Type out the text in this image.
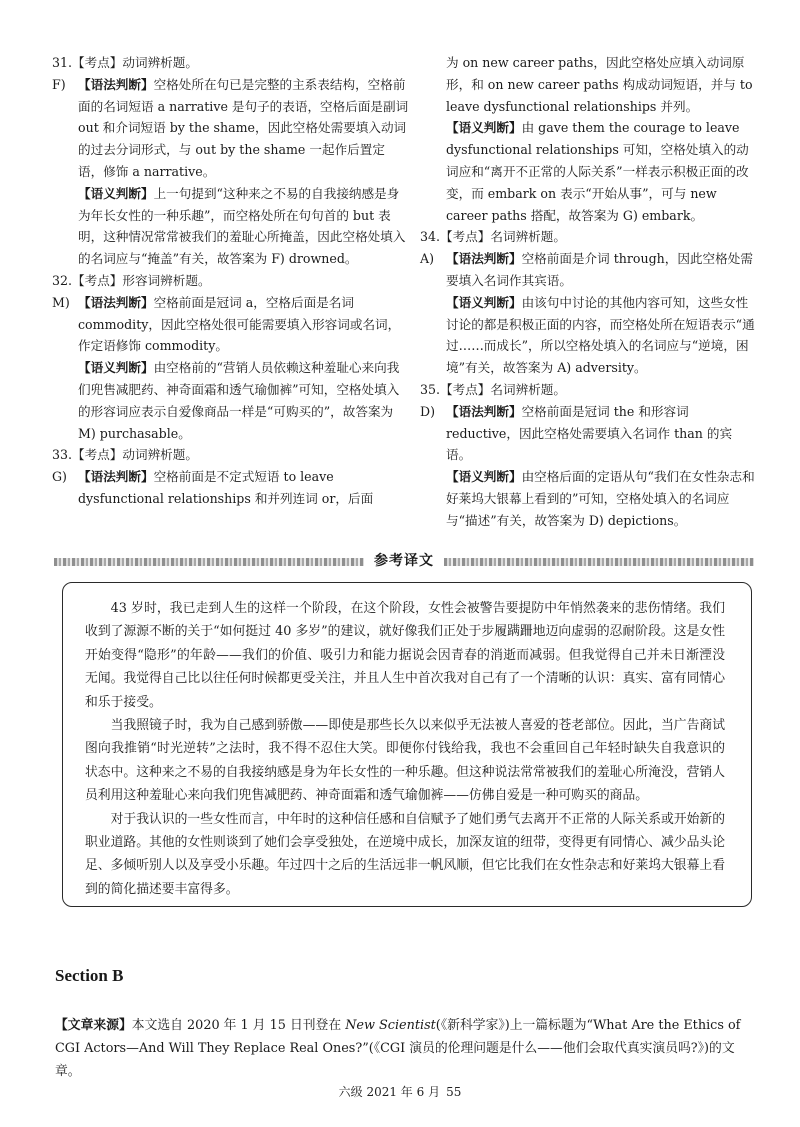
31.【考点】动词辨析题。
F) 【语法判断】空格处所在句已是完整的主系表结构，空格前面的名词短语 a narrative 是句子的表语，空格后面是副词 out 和介词短语 by the shame，因此空格处需要填入动词的过去分词形式，与 out by the shame 一起作后置定语，修饰 a narrative。
【语义判断】上一句提到“这种来之不易的自我接纳感是身为年长女性的一种乐趣”，而空格处所在句句首的 but 表明，这种情况常常被我们的羞耻心所掩盖，因此空格处填入的名词应与“掩盖”有关，故答案为 F) drowned。
32.【考点】形容词辨析题。
M) 【语法判断】空格前面是冠词 a，空格后面是名词 commodity，因此空格处很可能需要填入形容词或名词，作定语修饰 commodity。
【语义判断】由空格前的“营销人员依赖这种羞耻心来向我们兜售减肥药、神奇面霜和透气瑜伽裤”可知，空格处填入的形容词应表示自爱像商品一样是“可购买的”，故答案为 M) purchasable。
33.【考点】动词辨析题。
G) 【语法判断】空格前面是不定式短语 to leave dysfunctional relationships 和并列连词 or，后面
为 on new career paths，因此空格处应填入动词原形，和 on new career paths 构成动词短语，并与 to leave dysfunctional relationships 并列。
【语义判断】由 gave them the courage to leave dysfunctional relationships 可知，空格处填入的动词应和“离开不正常的人际关系”一样表示积极正面的改变，而 embark on 表示“开始从事”，可与 new career paths 搭配，故答案为 G) embark。
34.【考点】名词辨析题。
A) 【语法判断】空格前面是介词 through，因此空格处需要填入名词作其宾语。
【语义判断】由该句中讨论的其他内容可知，这些女性讨论的都是积极正面的内容，而空格处所在短语表示“通过……而成长”，所以空格处填入的名词应与“逆境，困境”有关，故答案为 A) adversity。
35.【考点】名词辨析题。
D) 【语法判断】空格前面是冠词 the 和形容词 reductive，因此空格处需要填入名词作 than 的宾语。
【语义判断】由空格后面的定语从句“我们在女性杂志和好莱坞大银幕上看到的”可知，空格处填入的名词应与“描述”有关，故答案为 D) depictions。
参考译文

43 岁时，我已走到人生的这样一个阶段，在这个阶段，女性会被警告要提防中年悄然袭来的悲伤情绪。我们收到了源源不断的关于“如何挺过 40 多岁”的建议，就好像我们正处于步履蹒跚地迈向虚弱的忍耐阶段。这是女性开始变得“隐形”的年龄——我们的价值、吸引力和能力据说会因青春的消逝而减弱。但我觉得自己并未日渐湮没无闻。我觉得自己比以往任何时候都更受关注，并且人生中首次我对自己有了一个清晰的认识：真实、富有同情心和乐于接受。

当我照镜子时，我为自己感到骄傲——即使是那些长久以来似乎无法被人喜爱的苍老部位。因此，当广告商试图向我推销“时光逆转”之法时，我不得不忍住大笑。即便你付钱给我，我也不会重回自己年轻时缺失自我意识的状态中。这种来之不易的自我接纳感是身为年长女性的一种乐趣。但这种说法常常被我们的羞耻心所淹没，营销人员利用这种羞耻心来向我们兜售减肥药、神奇面霜和透气瑜伽裤——仿佛自爱是一种可购买的商品。

对于我认识的一些女性而言，中年时的这种信任感和自信赋予了她们勇气去离开不正常的人际关系或开始新的职业道路。其他的女性则谈到了她们会享受独处，在逆境中成长，加深友谊的纽带，变得更有同情心、减少品头论足、多倾听别人以及享受小乐趣。年过四十之后的生活远非一帆风顺，但它比我们在女性杂志和好莱坞大银幕上看到的简化描述要丰富得多。

Section B
【文章来源】本文选自 2020 年 1 月 15 日刊登在 New Scientist(《新科学家》)上一篇标题为“What Are the Ethics of CGI Actors—And Will They Replace Real Ones?”(《CGI 演员的伦理问题是什么——他们会取代真实演员吗?》)的文章。
六级 2021 年 6 月 55
